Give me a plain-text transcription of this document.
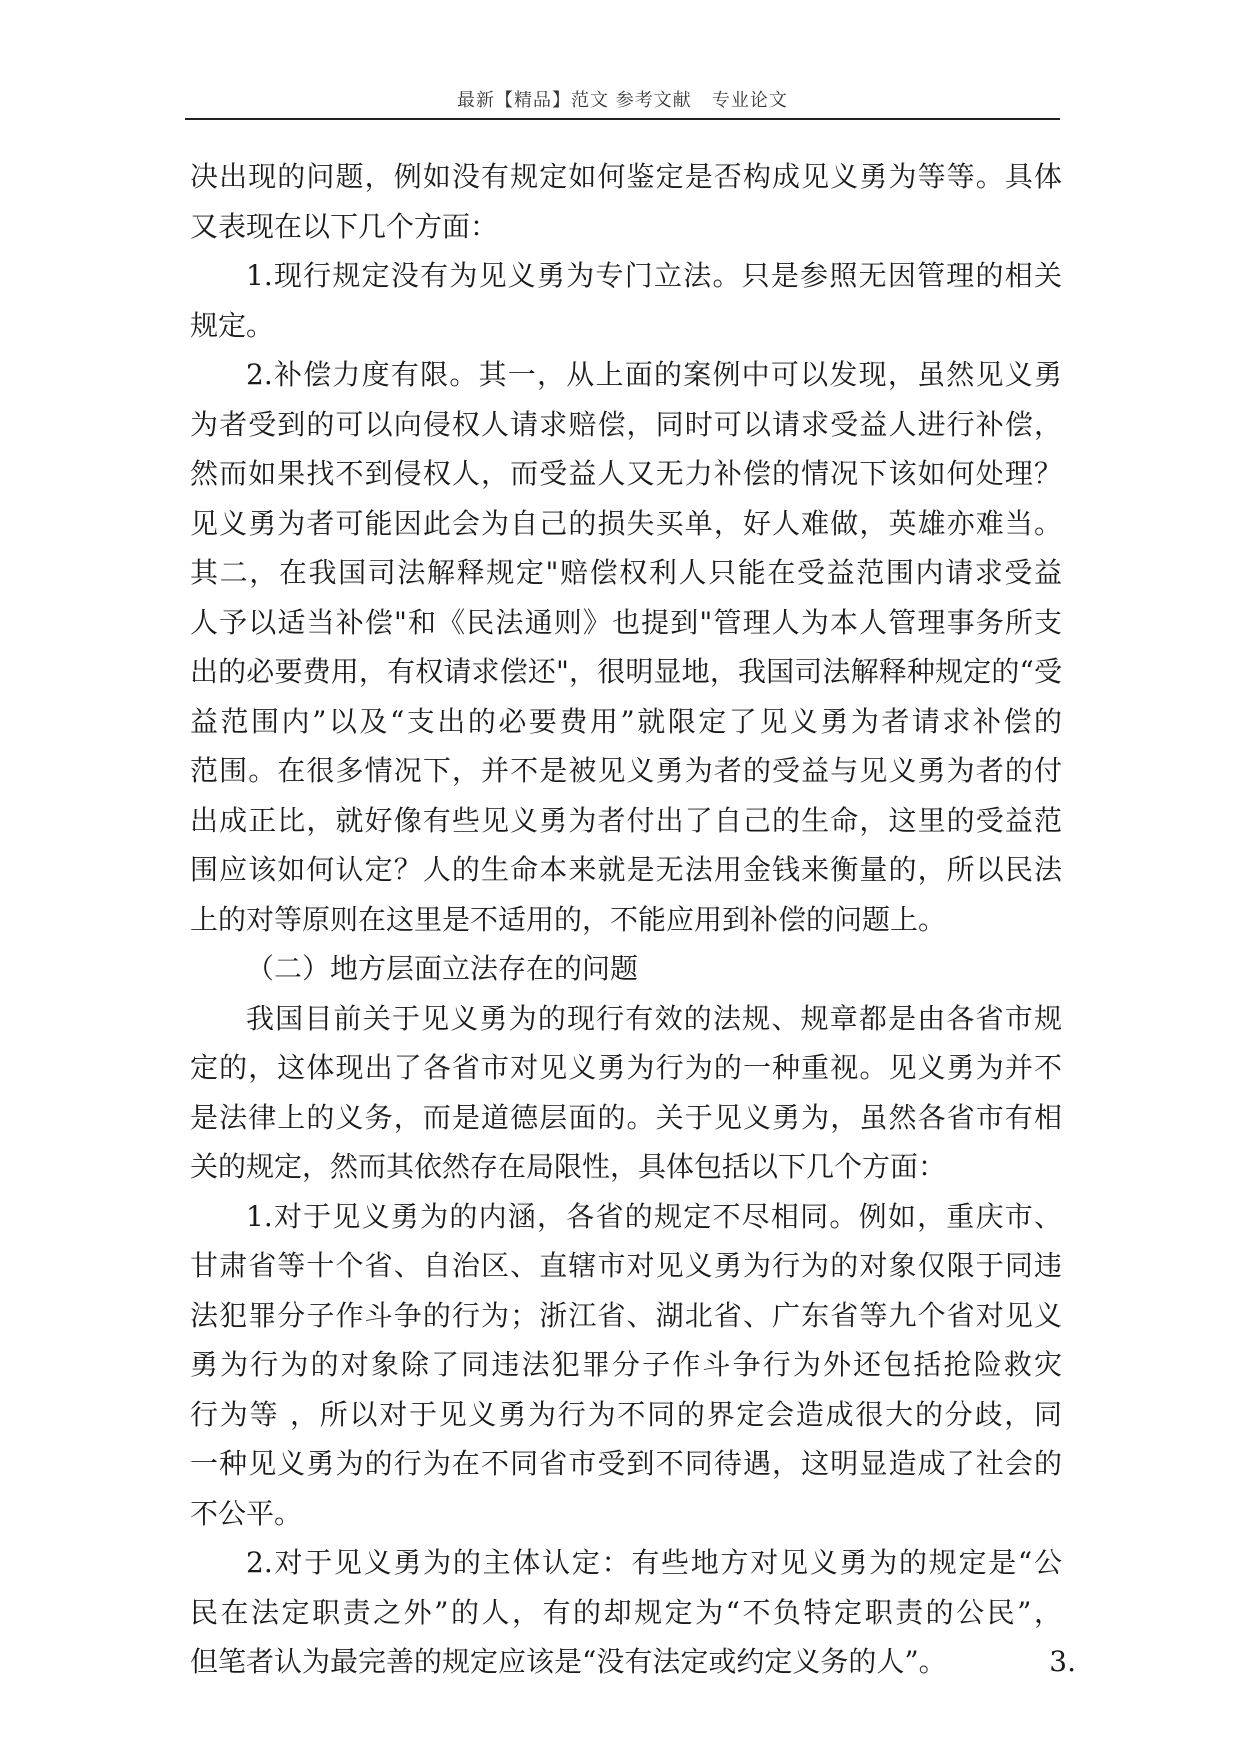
最新【精品】范文 参考文献   专业论文
决出现的问题，例如没有规定如何鉴定是否构成见义勇为等等。具体
又表现在以下几个方面：
1.现行规定没有为见义勇为专门立法。只是参照无因管理的相关
规定。
2.补偿力度有限。其一，从上面的案例中可以发现，虽然见义勇
为者受到的可以向侵权人请求赔偿，同时可以请求受益人进行补偿，
然而如果找不到侵权人，而受益人又无力补偿的情况下该如何处理？
见义勇为者可能因此会为自己的损失买单，好人难做，英雄亦难当。
其二，在我国司法解释规定"赔偿权利人只能在受益范围内请求受益
人予以适当补偿"和《民法通则》也提到"管理人为本人管理事务所支
出的必要费用，有权请求偿还"，很明显地，我国司法解释种规定的“受
益范围内”以及“支出的必要费用”就限定了见义勇为者请求补偿的
范围。在很多情况下，并不是被见义勇为者的受益与见义勇为者的付
出成正比，就好像有些见义勇为者付出了自己的生命，这里的受益范
围应该如何认定？人的生命本来就是无法用金钱来衡量的，所以民法
上的对等原则在这里是不适用的，不能应用到补偿的问题上。
（二）地方层面立法存在的问题
我国目前关于见义勇为的现行有效的法规、规章都是由各省市规
定的，这体现出了各省市对见义勇为行为的一种重视。见义勇为并不
是法律上的义务，而是道德层面的。关于见义勇为，虽然各省市有相
关的规定，然而其依然存在局限性，具体包括以下几个方面：
1.对于见义勇为的内涵，各省的规定不尽相同。例如，重庆市、
甘肃省等十个省、自治区、直辖市对见义勇为行为的对象仅限于同违
法犯罪分子作斗争的行为；浙江省、湖北省、广东省等九个省对见义
勇为行为的对象除了同违法犯罪分子作斗争行为外还包括抢险救灾
行为等 ，所以对于见义勇为行为不同的界定会造成很大的分歧，同
一种见义勇为的行为在不同省市受到不同待遇，这明显造成了社会的
不公平。
2.对于见义勇为的主体认定：有些地方对见义勇为的规定是“公
民在法定职责之外”的人，有的却规定为“不负特定职责的公民”，
但笔者认为最完善的规定应该是“没有法定或约定义务的人”。	3.
